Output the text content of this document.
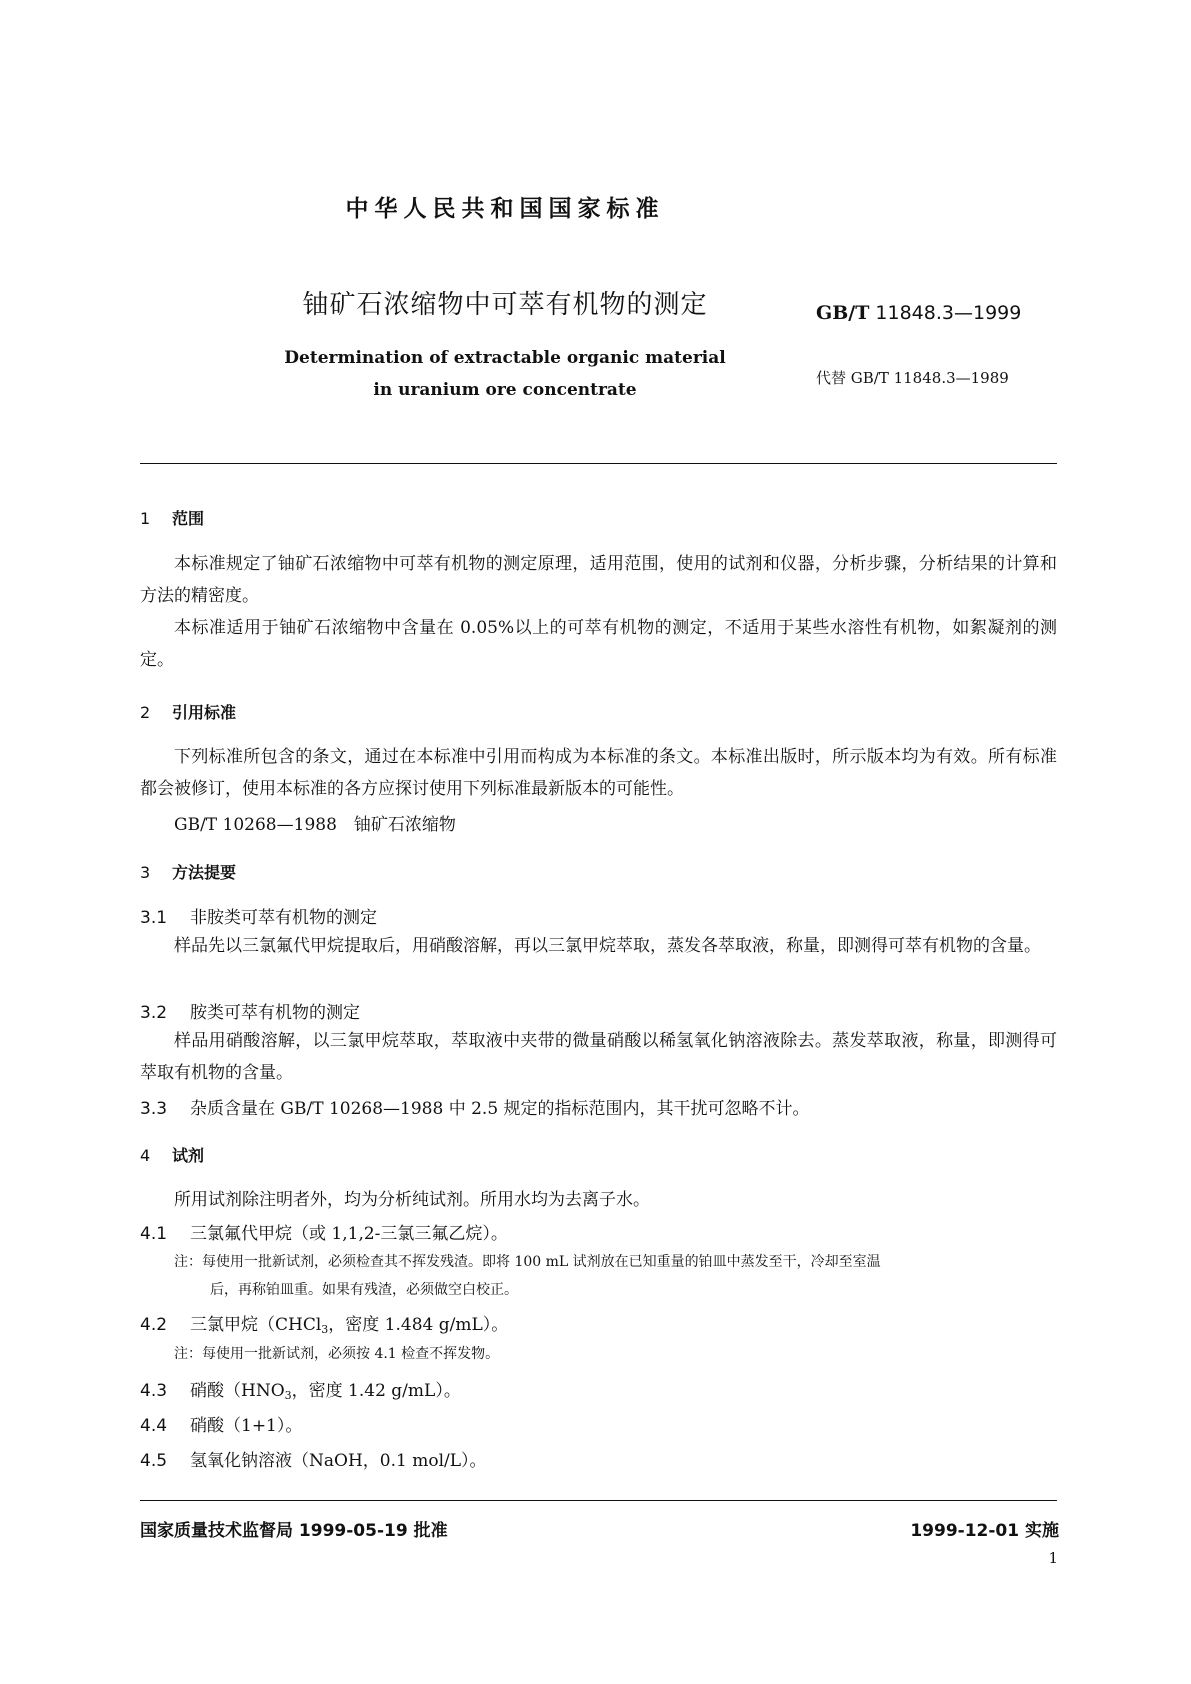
中华人民共和国国家标准
铀矿石浓缩物中可萃有机物的测定	GB/T 11848.3—1999
Determination of extractable organic material
in uranium ore concentrate
代替 GB/T 11848.3—1989
1 范围
本标准规定了铀矿石浓缩物中可萃有机物的测定原理，适用范围，使用的试剂和仪器，分析步骤，分析结果的计算和方法的精密度。
本标准适用于铀矿石浓缩物中含量在 0.05%以上的可萃有机物的测定，不适用于某些水溶性有机物，如絮凝剂的测定。
2 引用标准
下列标准所包含的条文，通过在本标准中引用而构成为本标准的条文。本标准出版时，所示版本均为有效。所有标准都会被修订，使用本标准的各方应探讨使用下列标准最新版本的可能性。
GB/T 10268—1988　铀矿石浓缩物
3 方法提要
3.1 非胺类可萃有机物的测定
样品先以三氯氟代甲烷提取后，用硝酸溶解，再以三氯甲烷萃取，蒸发各萃取液，称量，即测得可萃有机物的含量。
3.2 胺类可萃有机物的测定
样品用硝酸溶解，以三氯甲烷萃取，萃取液中夹带的微量硝酸以稀氢氧化钠溶液除去。蒸发萃取液，称量，即测得可萃取有机物的含量。
3.3 杂质含量在 GB/T 10268—1988 中 2.5 规定的指标范围内，其干扰可忽略不计。
4 试剂
所用试剂除注明者外，均为分析纯试剂。所用水均为去离子水。
4.1 三氯氟代甲烷（或 1,1,2-三氯三氟乙烷）。
注：每使用一批新试剂，必须检查其不挥发残渣。即将 100 mL 试剂放在已知重量的铂皿中蒸发至干，冷却至室温
后，再称铂皿重。如果有残渣，必须做空白校正。
4.2 三氯甲烷（CHCl$_3$，密度 1.484 g/mL）。
注：每使用一批新试剂，必须按 4.1 检查不挥发物。
4.3 硝酸（$HNO_3$，密度 1.42 g/mL）。
4.4 硝酸（1+1）。
4.5 氢氧化钠溶液（NaOH，0.1 mol/L）。
国家质量技术监督局 1999-05-19 批准	1999-12-01 实施
1
